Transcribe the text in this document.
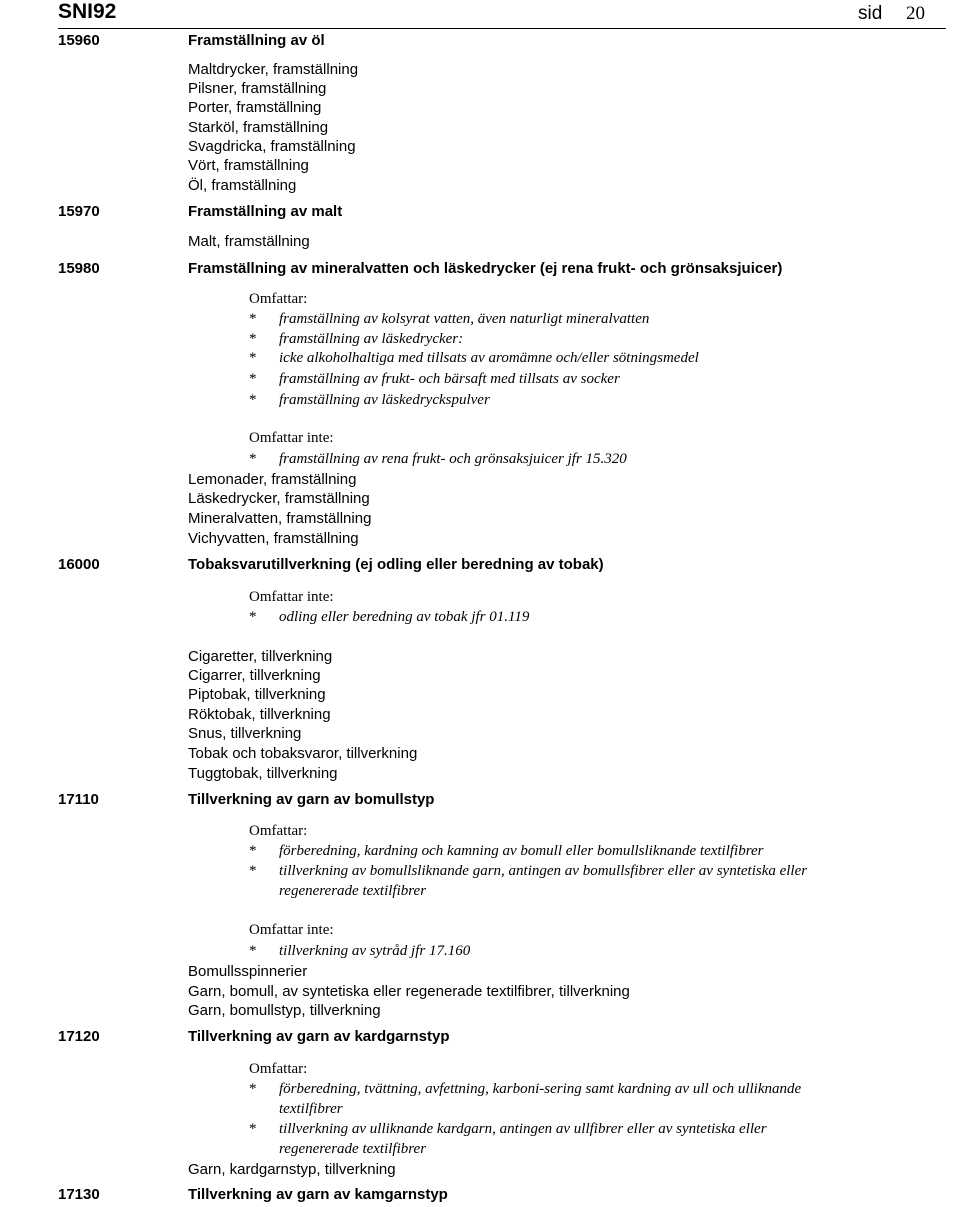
SNI92	sid 20
15960	Framställning av öl
Maltdrycker, framställning
Pilsner, framställning
Porter, framställning
Starköl, framställning
Svagdricka, framställning
Vört, framställning
Öl, framställning
15970	Framställning av malt
Malt, framställning
15980	Framställning av mineralvatten och läskedrycker (ej rena frukt- och grönsaksjuicer)
Omfattar:
* framställning av kolsyrat vatten, även naturligt mineralvatten
* framställning av läskedrycker:
* icke alkoholhaltiga med tillsats av aromämne och/eller sötningsmedel
* framställning av frukt- och bärsaft med tillsats av socker
* framställning av läskedryckspulver
Omfattar inte:
* framställning av rena frukt- och grönsaksjuicer jfr 15.320
Lemonader, framställning
Läskedrycker, framställning
Mineralvatten, framställning
Vichyvatten, framställning
16000	Tobaksvarutillverkning (ej odling eller beredning av tobak)
Omfattar inte:
* odling eller beredning av tobak jfr 01.119
Cigaretter, tillverkning
Cigarrer, tillverkning
Piptobak, tillverkning
Röktobak, tillverkning
Snus, tillverkning
Tobak och tobaksvaror, tillverkning
Tuggtobak, tillverkning
17110	Tillverkning av garn av bomullstyp
Omfattar:
* förberedning, kardning och kamning av bomull eller bomullsliknande textilfibrer
* tillverkning av bomullsliknande garn, antingen av bomullsfibrer eller av syntetiska eller
regenererade textilfibrer
Omfattar inte:
* tillverkning av sytråd jfr 17.160
Bomullsspinnerier
Garn, bomull, av syntetiska eller regenerade textilfibrer, tillverkning
Garn, bomullstyp, tillverkning
17120	Tillverkning av garn av kardgarnstyp
Omfattar:
* förberedning, tvättning, avfettning, karboni-sering samt kardning av ull och ulliknande
textilfibrer
* tillverkning av ulliknande kardgarn, antingen av ullfibrer eller av syntetiska eller
regenererade textilfibrer
Garn, kardgarnstyp, tillverkning
17130	Tillverkning av garn av kamgarnstyp
